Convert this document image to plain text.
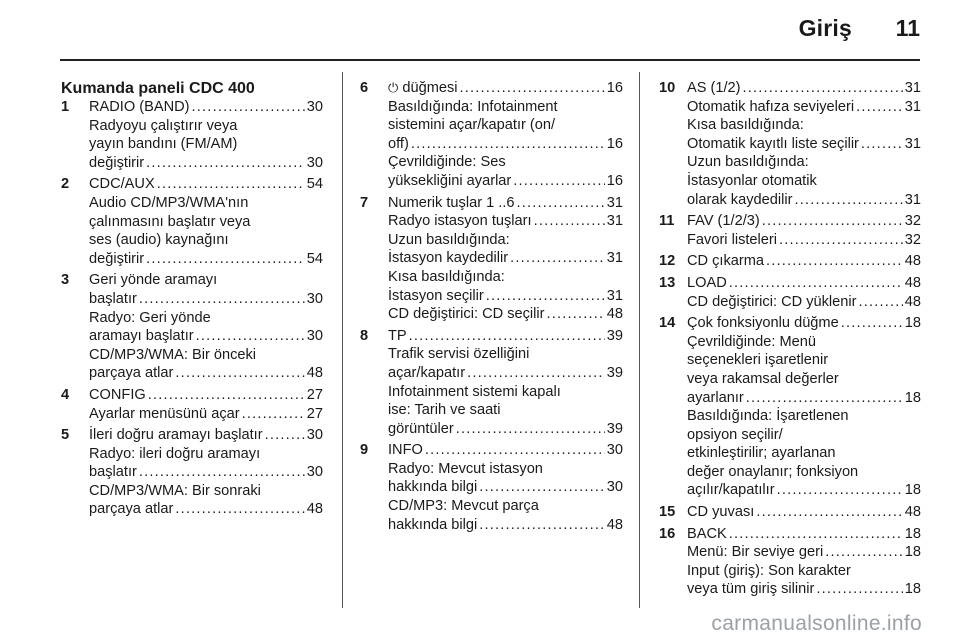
Giriş 11
Kumanda paneli CDC 400
1 RADIO (BAND) .....	30
Radyoyu çalıştırır veya
yayın bandını (FM/AM)
değiştirir .....	30
2 CDC/AUX .....	54
Audio CD/MP3/WMA'nın
çalınmasını başlatır veya
ses (audio) kaynağını
değiştirir .....	54
3 Geri yönde aramayı
başlatır .....	30
Radyo: Geri yönde
aramayı başlatır .....	30
CD/MP3/WMA: Bir önceki
parçaya atlar .....	48
4 CONFIG .....	27
Ayarlar menüsünü açar .....	27
5 İleri doğru aramayı başlatır .....	30
Radyo: ileri doğru aramayı
başlatır .....	30
CD/MP3/WMA: Bir sonraki
parçaya atlar .....	48
6 ⏻ düğmesi .....	16
Basıldığında: Infotainment
sistemini açar/kapatır (on/
off) .....	16
Çevrildiğinde: Ses
yüksekliğini ayarlar .....	16
7 Numerik tuşlar 1 ..6 .....	31
Radyo istasyon tuşları .....	31
Uzun basıldığında:
İstasyon kaydedilir .....	31
Kısa basıldığında:
İstasyon seçilir .....	31
CD değiştirici: CD seçilir .....	48
8 TP .....	39
Trafik servisi özelliğini
açar/kapatır .....	39
Infotainment sistemi kapalı
ise: Tarih ve saati
görüntüler .....	39
9 INFO .....	30
Radyo: Mevcut istasyon
hakkında bilgi .....	30
CD/MP3: Mevcut parça
hakkında bilgi .....	48
10 AS (1/2) .....	31
Otomatik hafıza seviyeleri .....	31
Kısa basıldığında:
Otomatik kayıtlı liste seçilir .....	31
Uzun basıldığında:
İstasyonlar otomatik
olarak kaydedilir .....	31
11 FAV (1/2/3) .....	32
Favori listeleri .....	32
12 CD çıkarma .....	48
13 LOAD .....	48
CD değiştirici: CD yüklenir .....	48
14 Çok fonksiyonlu düğme .....	18
Çevrildiğinde: Menü
seçenekleri işaretlenir
veya rakamsal değerler
ayarlanır .....	18
Basıldığında: İşaretlenen
opsiyon seçilir/
etkinleştirilir; ayarlanan
değer onaylanır; fonksiyon
açılır/kapatılır .....	18
15 CD yuvası .....	48
16 BACK .....	18
Menü: Bir seviye geri .....	18
Input (giriş): Son karakter
veya tüm giriş silinir .....	18
carmanualsonline.info
